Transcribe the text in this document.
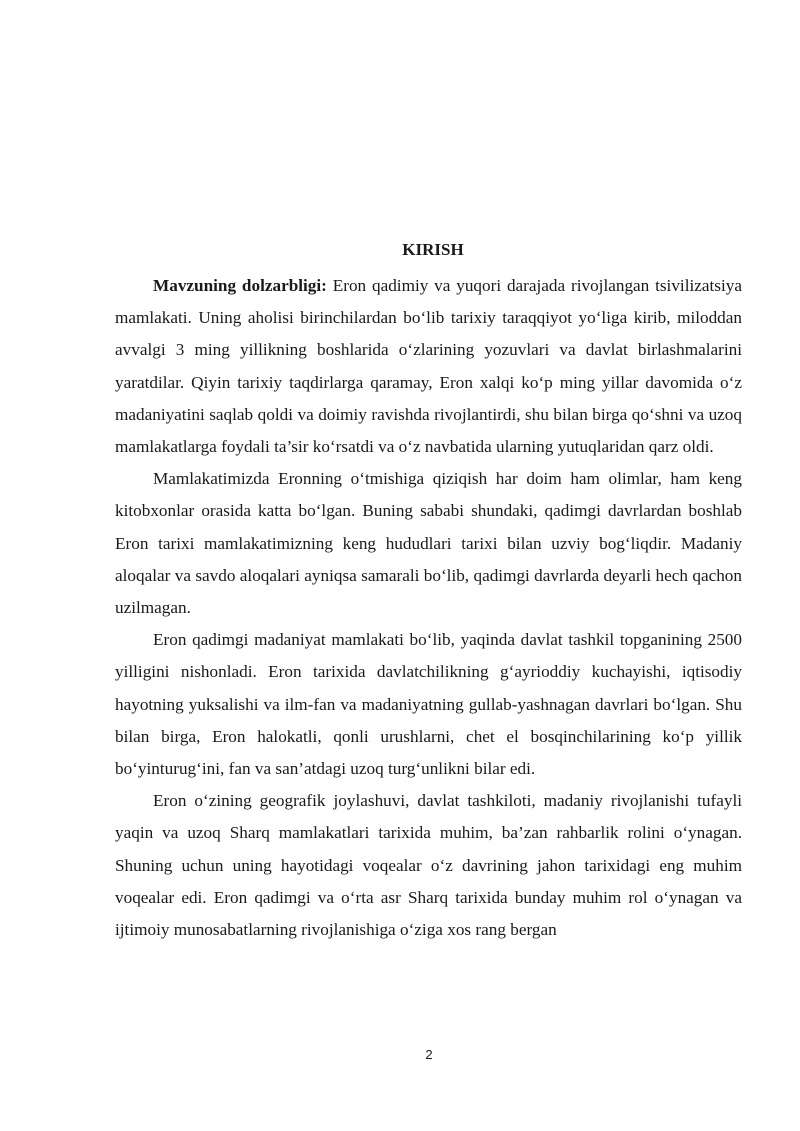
KIRISH

Mavzuning dolzarbligi: Eron qadimiy va yuqori darajada rivojlangan tsivilizatsiya mamlakati. Uning aholisi birinchilardan bo‘lib tarixiy taraqqiyot yo‘liga kirib, miloddan avvalgi 3 ming yillikning boshlarida o‘zlarining yozuvlari va davlat birlashmalarini yaratdilar. Qiyin tarixiy taqdirlarga qaramay, Eron xalqi ko‘p ming yillar davomida o‘z madaniyatini saqlab qoldi va doimiy ravishda rivojlantirdi, shu bilan birga qo‘shni va uzoq mamlakatlarga foydali ta’sir ko‘rsatdi va o‘z navbatida ularning yutuqlaridan qarz oldi.

Mamlakatimizda Eronning o‘tmishiga qiziqish har doim ham olimlar, ham keng kitobxonlar orasida katta bo‘lgan. Buning sababi shundaki, qadimgi davrlardan boshlab Eron tarixi mamlakatimizning keng hududlari tarixi bilan uzviy bog‘liqdir. Madaniy aloqalar va savdo aloqalari ayniqsa samarali bo‘lib, qadimgi davrlarda deyarli hech qachon uzilmagan.

Eron qadimgi madaniyat mamlakati bo‘lib, yaqinda davlat tashkil topganining 2500 yilligini nishonladi. Eron tarixida davlatchilikning g‘ayrioddiy kuchayishi, iqtisodiy hayotning yuksalishi va ilm-fan va madaniyatning gullab-yashnagan davrlari bo‘lgan. Shu bilan birga, Eron halokatli, qonli urushlarni, chet el bosqinchilarining ko‘p yillik bo‘yinturug‘ini, fan va san’atdagi uzoq turg‘unlikni bilar edi.

Eron o‘zining geografik joylashuvi, davlat tashkiloti, madaniy rivojlanishi tufayli yaqin va uzoq Sharq mamlakatlari tarixida muhim, ba’zan rahbarlik rolini o‘ynagan. Shuning uchun uning hayotidagi voqealar o‘z davrining jahon tarixidagi eng muhim voqealar edi. Eron qadimgi va o‘rta asr Sharq tarixida bunday muhim rol o‘ynagan va ijtimoiy munosabatlarning rivojlanishiga o‘ziga xos rang bergan

2
